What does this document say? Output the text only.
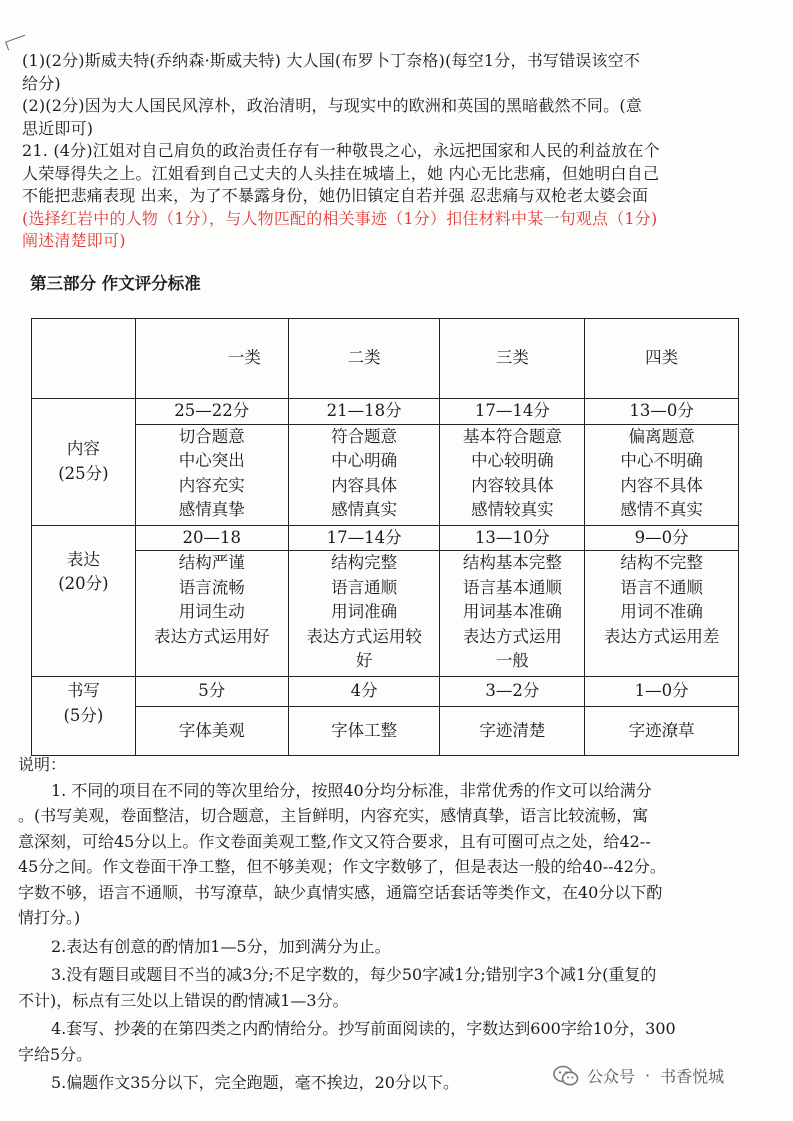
(1)(2分)斯威夫特(乔纳森·斯威夫特) 大人国(布罗卜丁奈格)(每空1分，书写错误该空不

给分)

(2)(2分)因为大人国民风淳朴，政治清明，与现实中的欧洲和英国的黑暗截然不同。(意

思近即可)

21. (4分)江姐对自己肩负的政治责任存有一种敬畏之心，永远把国家和人民的利益放在个

人荣辱得失之上。江姐看到自己丈夫的人头挂在城墙上，她 内心无比悲痛，但她明白自己

不能把悲痛表现 出来，为了不暴露身份，她仍旧镇定自若并强 忍悲痛与双枪老太婆会面

(选择红岩中的人物（1分），与人物匹配的相关事迹（1分）扣住材料中某一句观点（1分)

阐述清楚即可)

第三部分 作文评分标准
	一类	二类	三类	四类

内容
(25分)	25—22分	21—18分	17—14分	13—0分

	切合题意
中心突出
内容充实
感情真挚	符合题意
中心明确
内容具体
感情真实	基本符合题意
中心较明确
内容较具体
感情较真实	偏离题意
中心不明确
内容不具体
感情不真实

表达
(20分)	20—18	17—14分	13—10分	9—0分

	结构严谨
语言流畅
用词生动
表达方式运用好	结构完整
语言通顺
用词准确
表达方式运用较
好	结构基本完整
语言基本通顺
用词基本准确
表达方式运用
一般	结构不完整
语言不通顺
用词不准确
表达方式运用差

书写
(5分)	5分	4分	3—2分	1—0分
	字体美观	字体工整	字迹清楚	字迹潦草

说明：

1. 不同的项目在不同的等次里给分，按照40分均分标准，非常优秀的作文可以给满分

。(书写美观，卷面整洁，切合题意，主旨鲜明，内容充实，感情真挚，语言比较流畅，寓

意深刻，可给45分以上。作文卷面美观工整,作文又符合要求，且有可圈可点之处，给42--

45分之间。作文卷面干净工整，但不够美观；作文字数够了，但是表达一般的给40--42分。

字数不够，语言不通顺，书写潦草，缺少真情实感，通篇空话套话等类作文，在40分以下酌

情打分。)

2.表达有创意的酌情加1—5分，加到满分为止。

3.没有题目或题目不当的减3分;不足字数的，每少50字减1分;错别字3个减1分(重复的

不计)，标点有三处以上错误的酌情减1—3分。

4.套写、抄袭的在第四类之内酌情给分。抄写前面阅读的，字数达到600字给10分，300

字给5分。

5.偏题作文35分以下，完全跑题，毫不挨边，20分以下。	公众号 · 书香悦城
